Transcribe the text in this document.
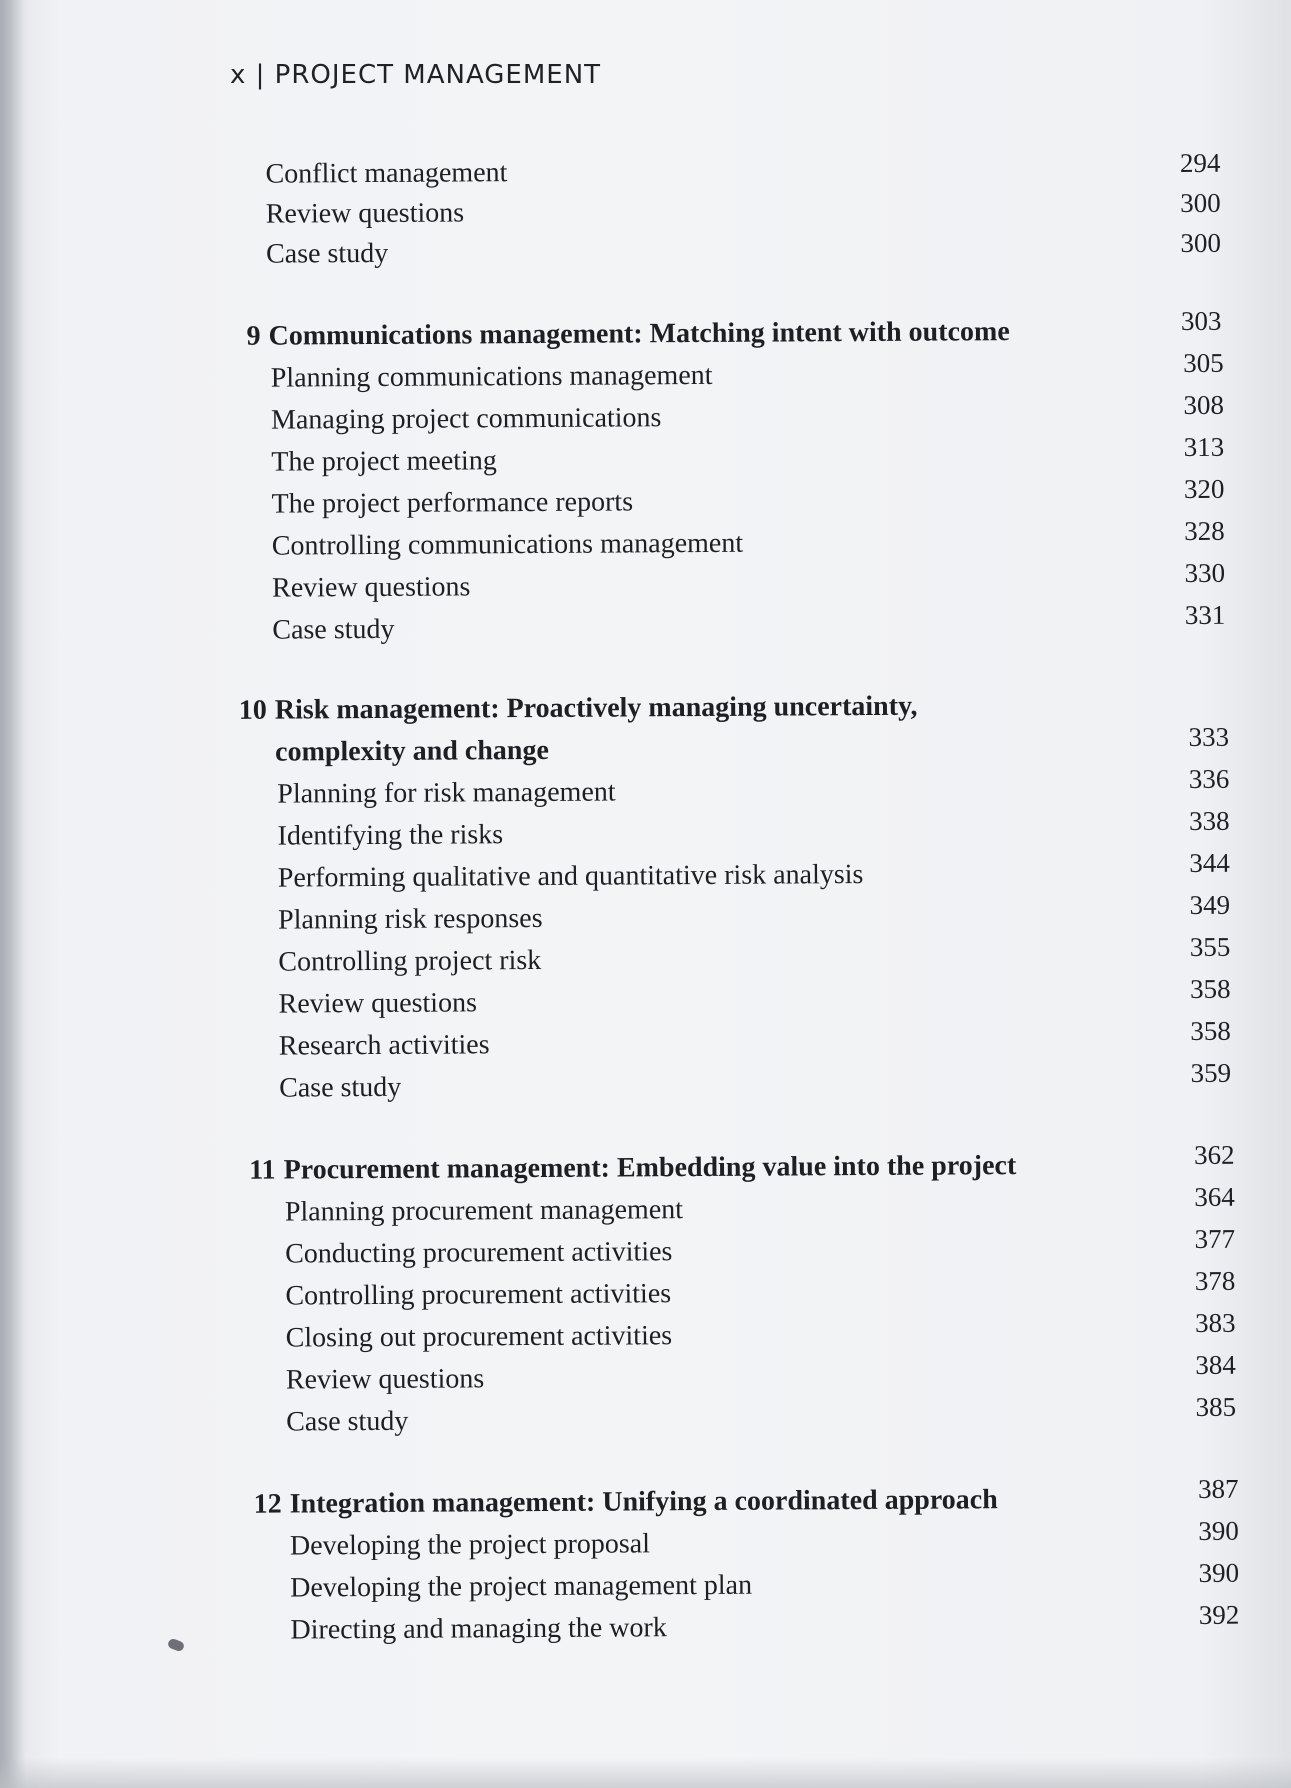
x | PROJECT MANAGEMENT
Conflict management	294
Review questions	300
Case study	300
9 Communications management: Matching intent with outcome	303
Planning communications management	305
Managing project communications	308
The project meeting	313
The project performance reports	320
Controlling communications management	328
Review questions	330
Case study	331
10 Risk management: Proactively managing uncertainty,
complexity and change	333
Planning for risk management	336
Identifying the risks	338
Performing qualitative and quantitative risk analysis	344
Planning risk responses	349
Controlling project risk	355
Review questions	358
Research activities	358
Case study	359
11 Procurement management: Embedding value into the project	362
Planning procurement management	364
Conducting procurement activities	377
Controlling procurement activities	378
Closing out procurement activities	383
Review questions	384
Case study	385
12 Integration management: Unifying a coordinated approach	387
Developing the project proposal	390
Developing the project management plan	390
Directing and managing the work	392
